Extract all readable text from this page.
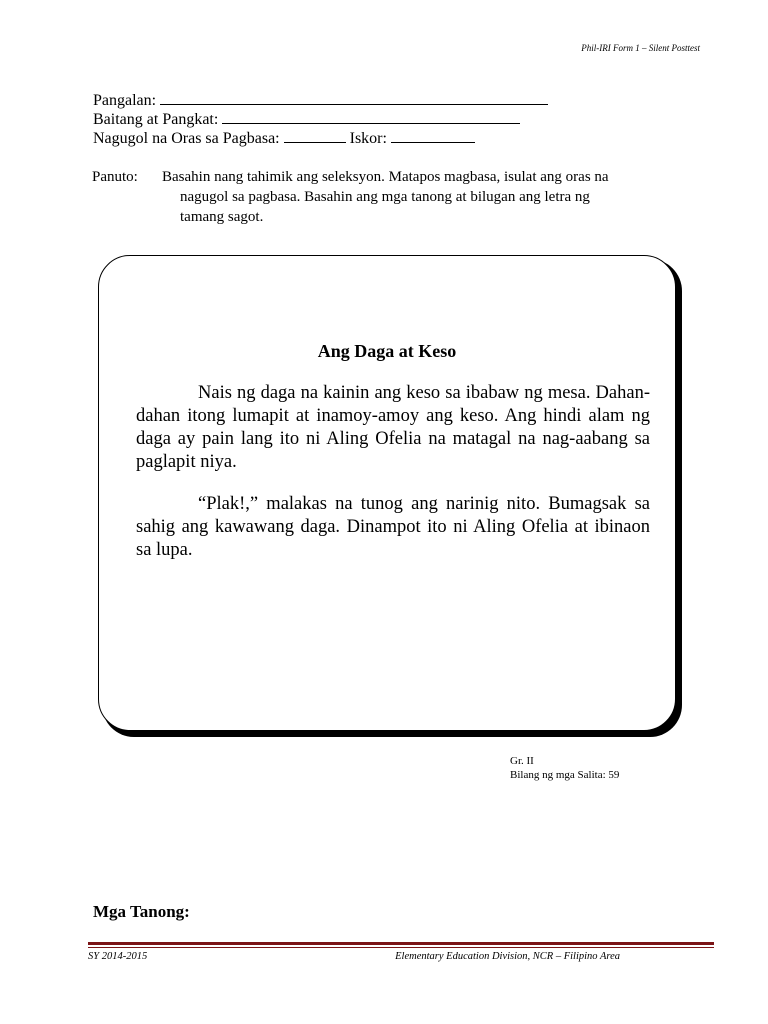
Phil-IRI Form 1 – Silent Posttest
Pangalan:
Baitang at Pangkat:
Nagugol na Oras sa Pagbasa:	Iskor:
Panuto: Basahin nang tahimik ang seleksyon. Matapos magbasa, isulat ang oras na
nagugol sa pagbasa. Basahin ang mga tanong at bilugan ang letra ng
tamang sagot.
Ang Daga at Keso

Nais ng daga na kainin ang keso sa ibabaw ng mesa. Dahan-dahan itong lumapit at inamoy-amoy ang keso. Ang hindi alam ng daga ay pain lang ito ni Aling Ofelia na matagal na nag-aabang sa paglapit niya.

“Plak!,” malakas na tunog ang narinig nito. Bumagsak sa sahig ang kawawang daga. Dinampot ito ni Aling Ofelia at ibinaon sa lupa.

Gr. II
Bilang ng mga Salita: 59
Mga Tanong:
SY 2014-2015	Elementary Education Division, NCR – Filipino Area
